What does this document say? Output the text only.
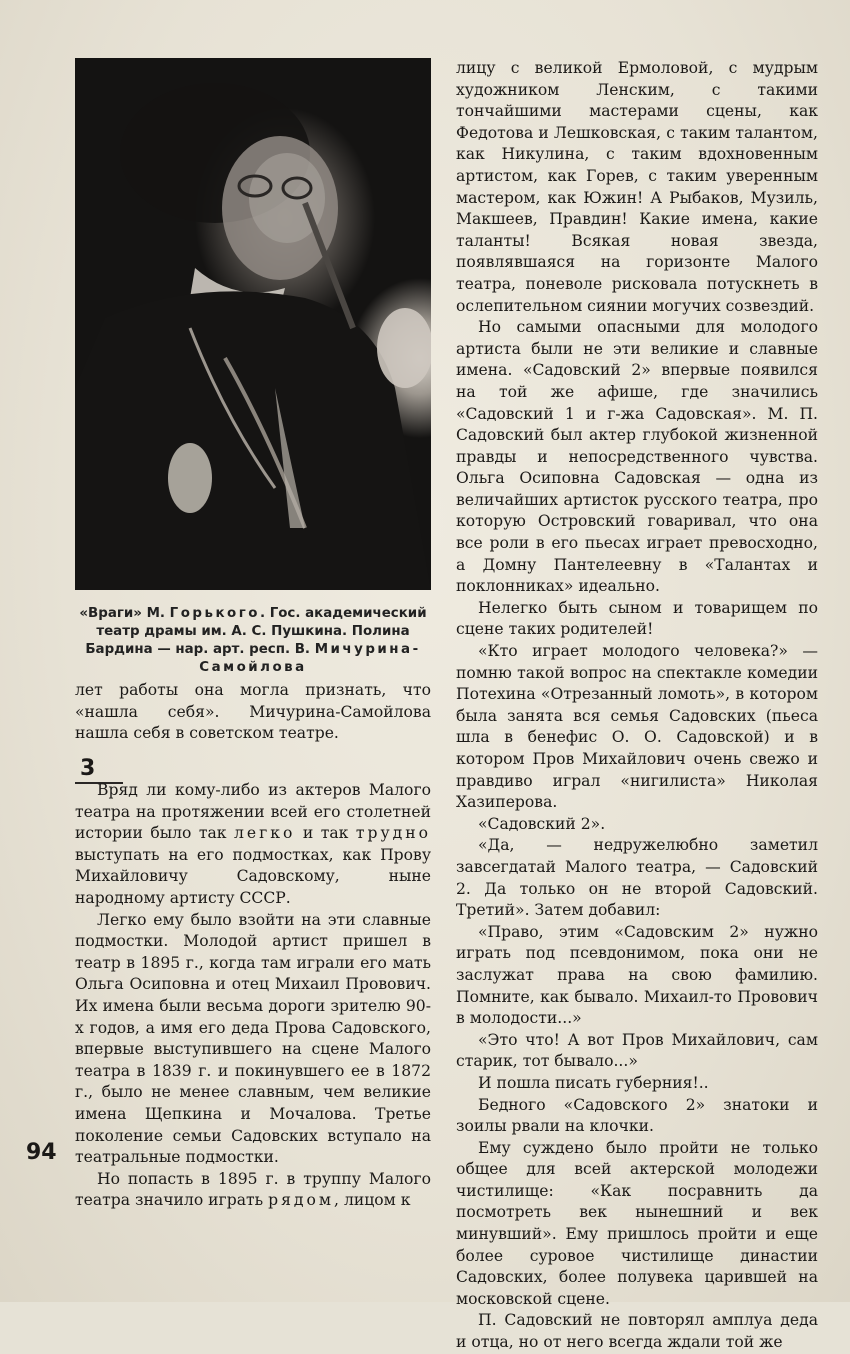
«Враги» М. Горького. Гос. академический театр драмы им. А. С. Пушкина. Полина Бардина — нар. арт. респ. В. Мичурина-Самойлова

лет работы она могла признать, что «нашла себя». Мичурина-Самойлова нашла себя в советском театре.

3

Вряд ли кому-либо из актеров Малого театра на протяжении всей его столетней истории было так легко и так трудно выступать на его подмостках, как Прову Михайловичу Садовскому, ныне народному артисту СССР.

Легко ему было взойти на эти славные подмостки. Молодой артист пришел в театр в 1895 г., когда там играли его мать Ольга Осиповна и отец Михаил Провович. Их имена были весьма дороги зрителю 90-х годов, а имя его деда Прова Садовского, впервые выступившего на сцене Малого театра в 1839 г. и покинувшего ее в 1872 г., было не менее славным, чем великие имена Щепкина и Мочалова. Третье поколение семьи Садовских вступало на театральные подмостки.

Но попасть в 1895 г. в труппу Малого театра значило играть рядом, лицом к

лицу с великой Ермоловой, с мудрым художником Ленским, с такими тончайшими мастерами сцены, как Федотова и Лешковская, с таким талантом, как Никулина, с таким вдохновенным артистом, как Горев, с таким уверенным мастером, как Южин! А Рыбаков, Музиль, Макшеев, Правдин! Какие имена, какие таланты! Всякая новая звезда, появлявшаяся на горизонте Малого театра, поневоле рисковала потускнеть в ослепительном сиянии могучих созвездий.

Но самыми опасными для молодого артиста были не эти великие и славные имена. «Садовский 2» впервые появился на той же афише, где значились «Садовский 1 и г-жа Садовская». М. П. Садовский был актер глубокой жизненной правды и непосредственного чувства. Ольга Осиповна Садовская — одна из величайших артисток русского театра, про которую Островский говаривал, что она все роли в его пьесах играет превосходно, а Домну Пантелеевну в «Талантах и поклонниках» идеально.

Нелегко быть сыном и товарищем по сцене таких родителей!

«Кто играет молодого человека?» — помню такой вопрос на спектакле комедии Потехина «Отрезанный ломоть», в котором была занята вся семья Садовских (пьеса шла в бенефис О. О. Садовской) и в котором Пров Михайлович очень свежо и правдиво играл «нигилиста» Николая Хазиперова.

«Садовский 2».

«Да, — недружелюбно заметил завсегдатай Малого театра, — Садовский 2. Да только он не второй Садовский. Третий». Затем добавил:

«Право, этим «Садовским 2» нужно играть под псевдонимом, пока они не заслужат права на свою фамилию. Помните, как бывало. Михаил-то Провович в молодости...»

«Это что! А вот Пров Михайлович, сам старик, тот бывало...»

И пошла писать губерния!..

Бедного «Садовского 2» знатоки и зоилы рвали на клочки.

Ему суждено было пройти не только общее для всей актерской молодежи чистилище: «Как посравнить да посмотреть век нынешний и век минувший». Ему пришлось пройти и еще более суровое чистилище династии Садовских, более полувека царившей на московской сцене.

П. Садовский не повторял амплуа деда и отца, но от него всегда ждали той же

94
